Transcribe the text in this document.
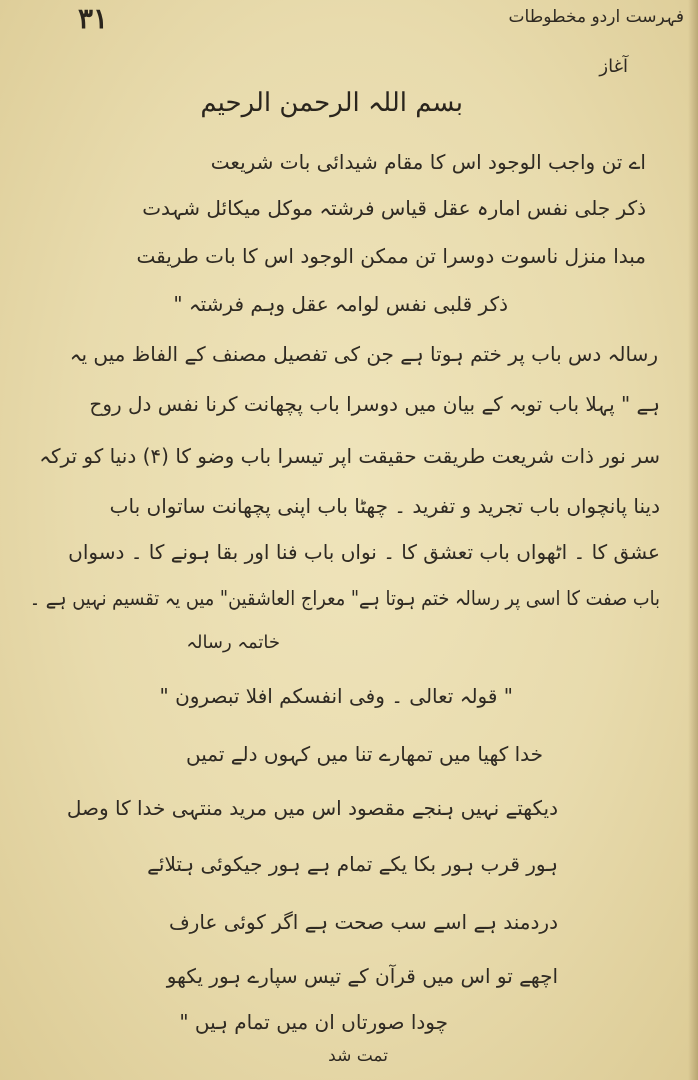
۳۱	فہرست اردو مخطوطات
آغاز
بسم اللہ الرحمن الرحیم
اے تن واجب الوجود اس کا مقام شیدائی بات شریعت
ذکر جلی نفس امارہ عقل قیاس فرشتہ موکل میکائل شہدت
مبدا منزل ناسوت دوسرا تن ممکن الوجود اس کا بات طریقت
ذکر قلبی نفس لوامہ عقل وہم فرشتہ "
رسالہ دس باب پر ختم ہوتا ہے جن کی تفصیل مصنف کے الفاظ میں یہ
ہے " پہلا باب توبہ کے بیان میں دوسرا باب پچھانت کرنا نفس دل روح
سر نور ذات شریعت طریقت حقیقت اپر تیسرا باب وضو کا (۴) دنیا کو ترکہ
دینا پانچواں باب تجرید و تفرید ۔ چھٹا باب اپنی پچھانت ساتواں باب
عشق کا ۔ اٹھواں باب تعشق کا ۔ نواں باب فنا اور بقا ہونے کا ۔ دسواں
باب صفت کا اسی پر رسالہ ختم ہوتا ہے" معراج العاشقین" میں یہ تقسیم نہیں ہے ۔
خاتمہ رسالہ
" قولہ تعالی ۔ وفی انفسکم افلا تبصرون "
خدا کھیا میں تمھارے تنا میں کہوں دلے تمیں
دیکھتے نہیں ہنجے مقصود اس میں مرید منتہی خدا کا وصل
ہور قرب ہور بکا یکے تمام ہے ہور جیکوئی ہتلائے
دردمند ہے اسے سب صحت ہے اگر کوئی عارف
اچھے تو اس میں قرآن کے تیس سپارے ہور یکھو
چودا صورتاں ان میں تمام ہیں "
تمت شد
